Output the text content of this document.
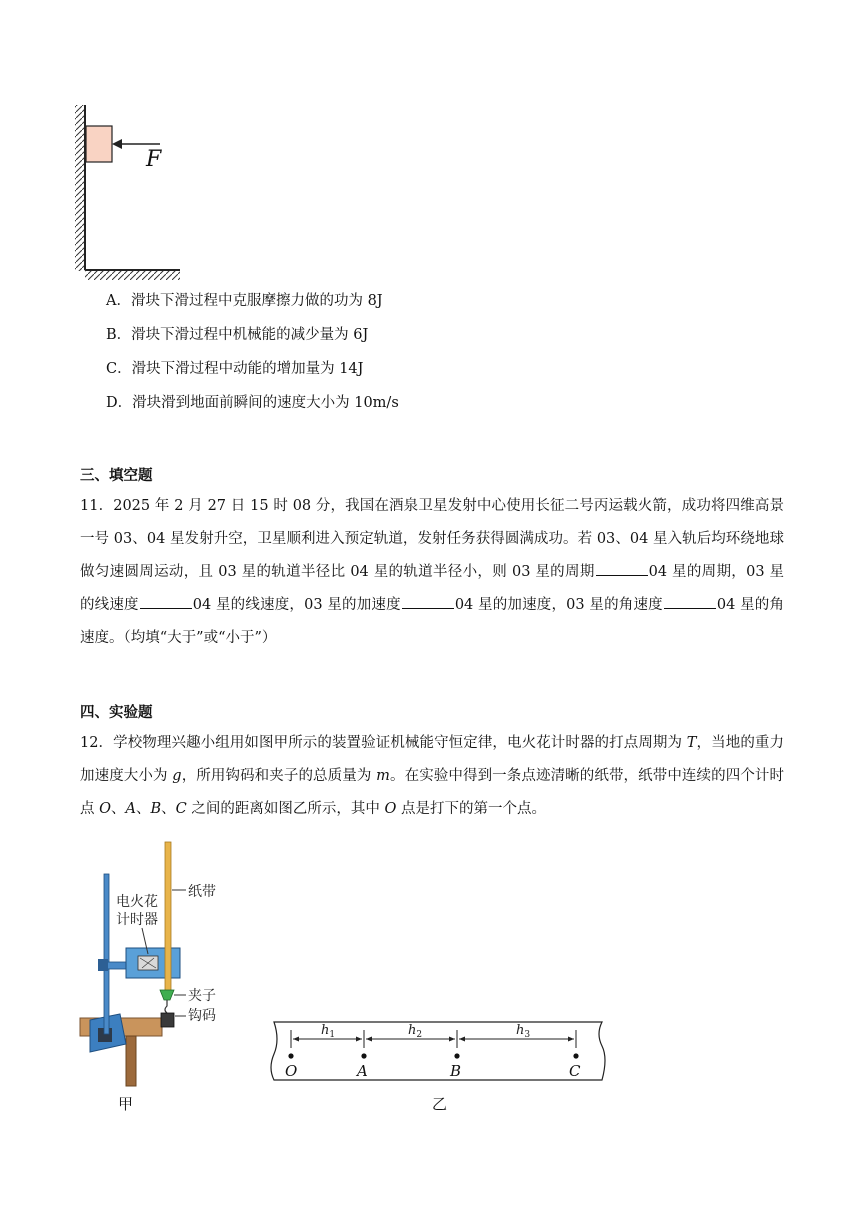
F
A．滑块下滑过程中克服摩擦力做的功为 8J
B．滑块下滑过程中机械能的减少量为 6J
C．滑块下滑过程中动能的增加量为 14J
D．滑块滑到地面前瞬间的速度大小为 10m/s
三、填空题
11．2025 年 2 月 27 日 15 时 08 分，我国在酒泉卫星发射中心使用长征二号丙运载火箭，成功将四维高景一号 03、04 星发射升空，卫星顺利进入预定轨道，发射任务获得圆满成功。若 03、04 星入轨后均环绕地球做匀速圆周运动，且 03 星的轨道半径比 04 星的轨道半径小，则 03 星的周期	04 星的周期，03 星的线速度	04 星的线速度，03 星的加速度	04 星的加速度，03 星的角速度	04 星的角速度。（均填“大于”或“小于”）
四、实验题
12．学校物理兴趣小组用如图甲所示的装置验证机械能守恒定律，电火花计时器的打点周期为 T，当地的重力加速度大小为 g，所用钩码和夹子的总质量为 m。在实验中得到一条点迹清晰的纸带，纸带中连续的四个计时点 O、A、B、C 之间的距离如图乙所示，其中 O 点是打下的第一个点。
纸带
电火花
计时器
夹子
钩码
甲
$h_1$	$h_2$	$h_3$
O	A	B	C
乙
